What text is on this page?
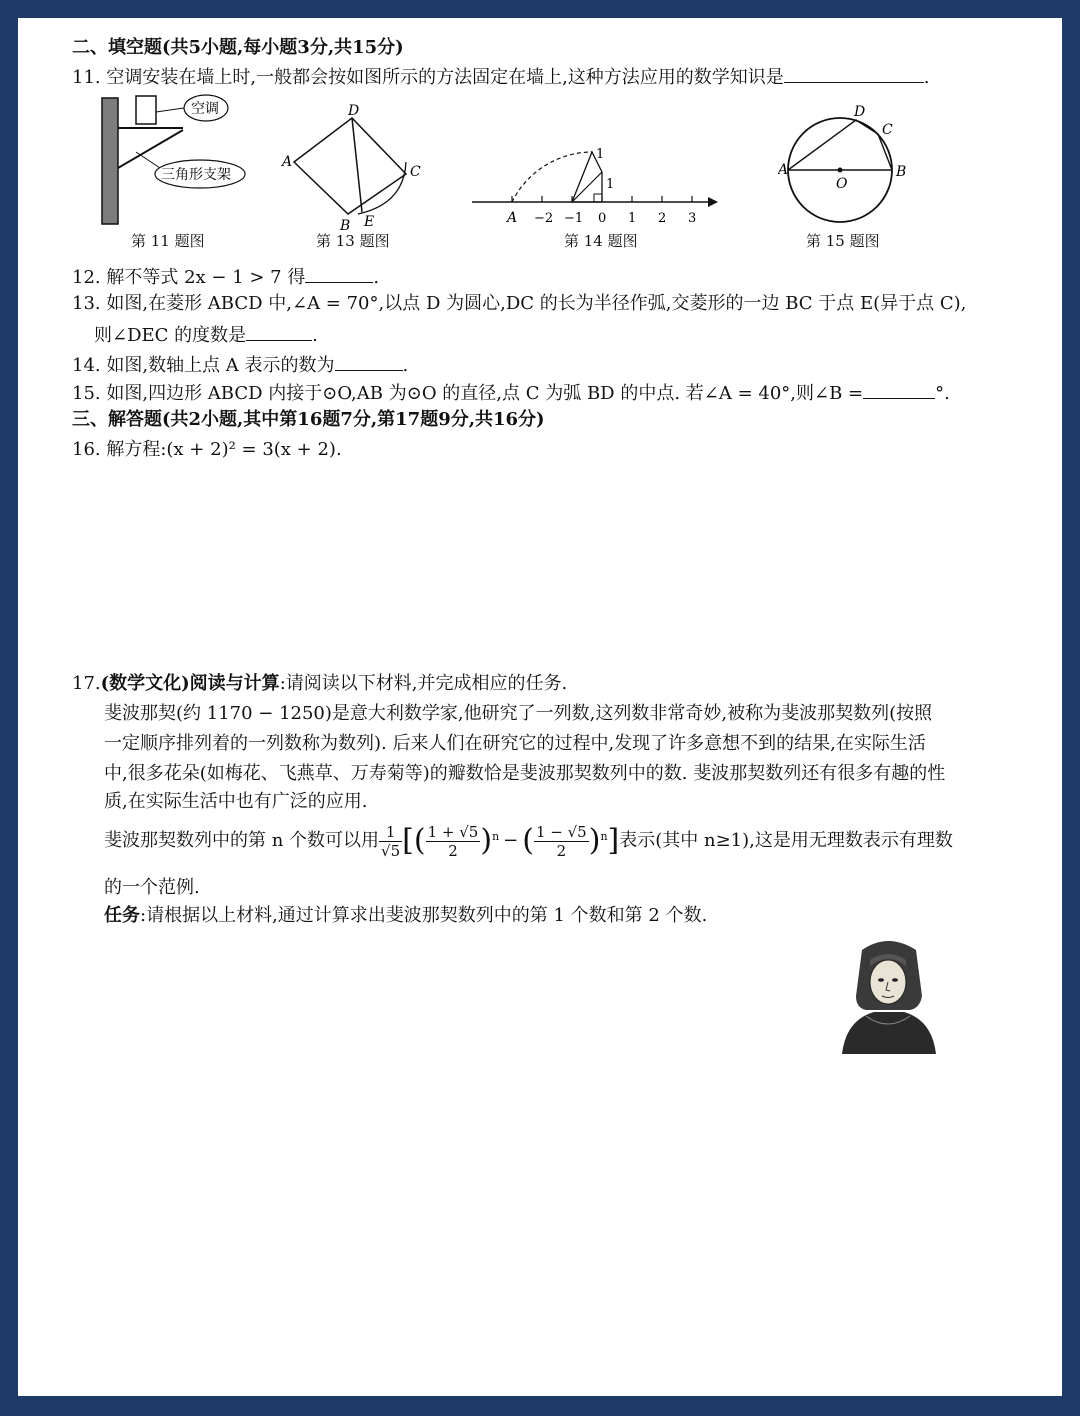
二、填空题(共5小题,每小题3分,共15分)
11. 空调安装在墙上时,一般都会按如图所示的方法固定在墙上,这种方法应用的数学知识是	.
空调
三角形支架
第 11 题图
A
D
C
B E
第 13 题图
1
1
A −2 −1 0 1 2 3
第 14 题图
A	B
C
D
O
第 15 题图
12. 解不等式 2x − 1 > 7 得	.
13. 如图,在菱形 ABCD 中,∠A = 70°,以点 D 为圆心,DC 的长为半径作弧,交菱形的一边 BC 于点 E(异于点 C),
则∠DEC 的度数是	.
14. 如图,数轴上点 A 表示的数为	.
15. 如图,四边形 ABCD 内接于⊙O,AB 为⊙O 的直径,点 C 为弧 BD 的中点. 若∠A = 40°,则∠B =	°.
三、解答题(共2小题,其中第16题7分,第17题9分,共16分)
16. 解方程:(x + 2)² = 3(x + 2).
17.(数学文化)阅读与计算:请阅读以下材料,并完成相应的任务.
斐波那契(约 1170 − 1250)是意大利数学家,他研究了一列数,这列数非常奇妙,被称为斐波那契数列(按照
一定顺序排列着的一列数称为数列). 后来人们在研究它的过程中,发现了许多意想不到的结果,在实际生活
中,很多花朵(如梅花、飞燕草、万寿菊等)的瓣数恰是斐波那契数列中的数. 斐波那契数列还有很多有趣的性
质,在实际生活中也有广泛的应用.
斐波那契数列中的第 n 个数可以用 $\frac{1}{√5}$ [( $\frac{1 + √5}{2} )^n$ − ( $\frac{1 - √5}{2} )^n$]表示(其中 n≥1),这是用无理数表示有理数
的一个范例.
任务:请根据以上材料,通过计算求出斐波那契数列中的第 1 个数和第 2 个数.
